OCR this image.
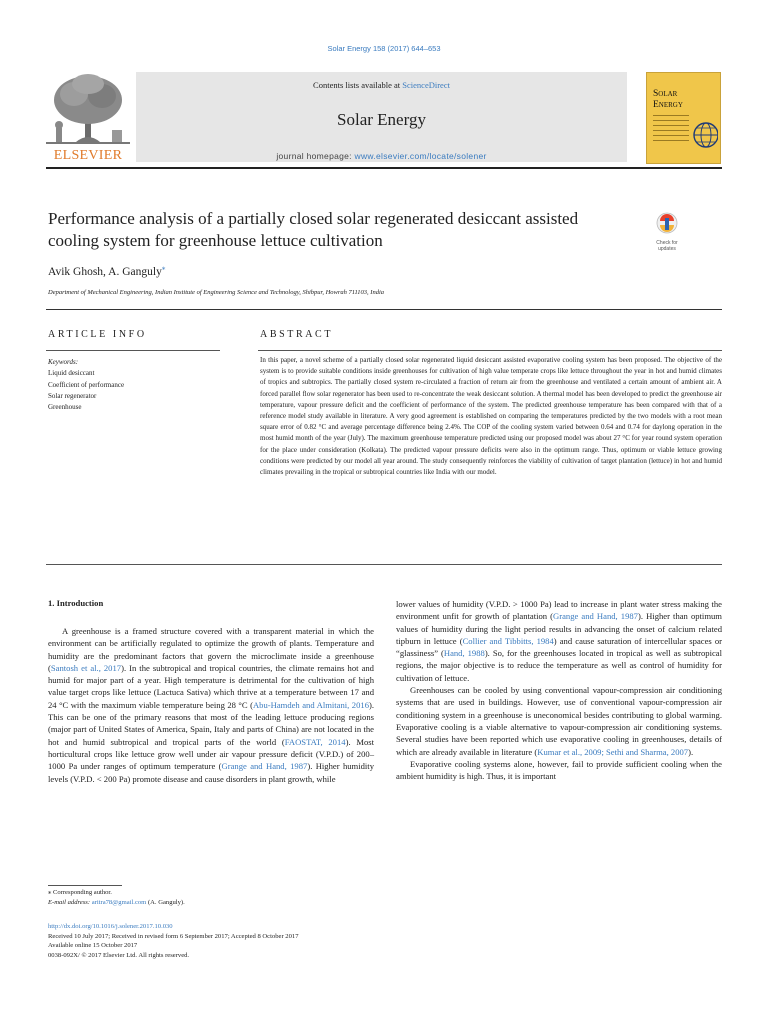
Solar Energy 158 (2017) 644–653
ELSEVIER
Contents lists available at ScienceDirect
Solar Energy
journal homepage: www.elsevier.com/locate/solener
Solar
Energy
Performance analysis of a partially closed solar regenerated desiccant assisted cooling system for greenhouse lettuce cultivation	Check for
updates
Avik Ghosh, A. Ganguly⁎
Department of Mechanical Engineering, Indian Institute of Engineering Science and Technology, Shibpur, Howrah 711103, India
ARTICLE INFO	ABSTRACT
Keywords:
Liquid desiccant
Coefficient of performance
Solar regenerator
Greenhouse
In this paper, a novel scheme of a partially closed solar regenerated liquid desiccant assisted evaporative cooling system has been proposed. The objective of the system is to provide suitable conditions inside greenhouses for cultivation of high value temperate crops like lettuce throughout the year in hot and humid climates of tropics and subtropics. The partially closed system re-circulated a fraction of return air from the greenhouse and ventilated a certain amount of ambient air. A forced parallel flow solar regenerator has been used to re-concentrate the weak desiccant solution. A thermal model has been developed to predict the greenhouse air temperature, vapour pressure deficit and the coefficient of performance of the system. The predicted greenhouse temperature has been compared with that of a reference model study available in literature. A very good agreement is established on comparing the temperatures predicted by the two models with a root mean square error of 0.82 °C and average percentage difference being 2.4%. The COP of the cooling system varied between 0.64 and 0.74 for daylong operation in the most humid month of the year (July). The maximum greenhouse temperature predicted using our proposed model was about 27 °C for year round system operation for the place under consideration (Kolkata). The predicted vapour pressure deficits were also in the optimum range. Thus, optimum or viable lettuce growing conditions were predicted by our model all year around. The study consequently reinforces the viability of cultivation of target plantation (lettuce) in hot and humid climates prevailing in the tropical or subtropical countries like India with our model.
1. Introduction

A greenhouse is a framed structure covered with a transparent material in which the environment can be artificially regulated to optimize the growth of plants. Temperature and humidity are the predominant factors that govern the microclimate inside a greenhouse (Santosh et al., 2017). In the subtropical and tropical countries, the climate remains hot and humid for major part of a year. High temperature is detrimental for the cultivation of high value target crops like lettuce (Lactuca Sativa) which thrive at a temperature between 17 and 24 °C with the maximum viable temperature being 28 °C (Abu-Hamdeh and Almitani, 2016). This can be one of the primary reasons that most of the leading lettuce producing regions (major part of United States of America, Spain, Italy and parts of China) are not located in the hot and humid subtropical and tropical parts of the world (FAOSTAT, 2014). Most horticultural crops like lettuce grow well under air vapour pressure deficit (V.P.D.) of 200–1000 Pa under ranges of optimum temperature (Grange and Hand, 1987). Higher humidity levels (V.P.D. < 200 Pa) promote disease and cause disorders in plant growth, while

lower values of humidity (V.P.D. > 1000 Pa) lead to increase in plant water stress making the environment unfit for growth of plantation (Grange and Hand, 1987). Higher than optimum values of humidity during the light period results in advancing the onset of calcium related tipburn in lettuce (Collier and Tibbitts, 1984) and cause saturation of intercellular spaces or “glassiness” (Hand, 1988). So, for the greenhouses located in tropical as well as subtropical regions, the major objective is to reduce the temperature as well as control of humidity for cultivation of lettuce.

Greenhouses can be cooled by using conventional vapour-compression air conditioning systems that are used in buildings. However, use of conventional vapour-compression air conditioning system in a greenhouse is uneconomical besides contributing to global warming. Evaporative cooling is a viable alternative to vapour-compression air conditioning systems. Several studies have been reported which use evaporative cooling in greenhouses, details of which are already available in literature (Kumar et al., 2009; Sethi and Sharma, 2007).

Evaporative cooling systems alone, however, fail to provide sufficient cooling when the ambient humidity is high. Thus, it is important

⁎ Corresponding author.
E-mail address: aritra78@gmail.com (A. Ganguly).
http://dx.doi.org/10.1016/j.solener.2017.10.030
Received 10 July 2017; Received in revised form 6 September 2017; Accepted 8 October 2017
Available online 15 October 2017
0038-092X/ © 2017 Elsevier Ltd. All rights reserved.
